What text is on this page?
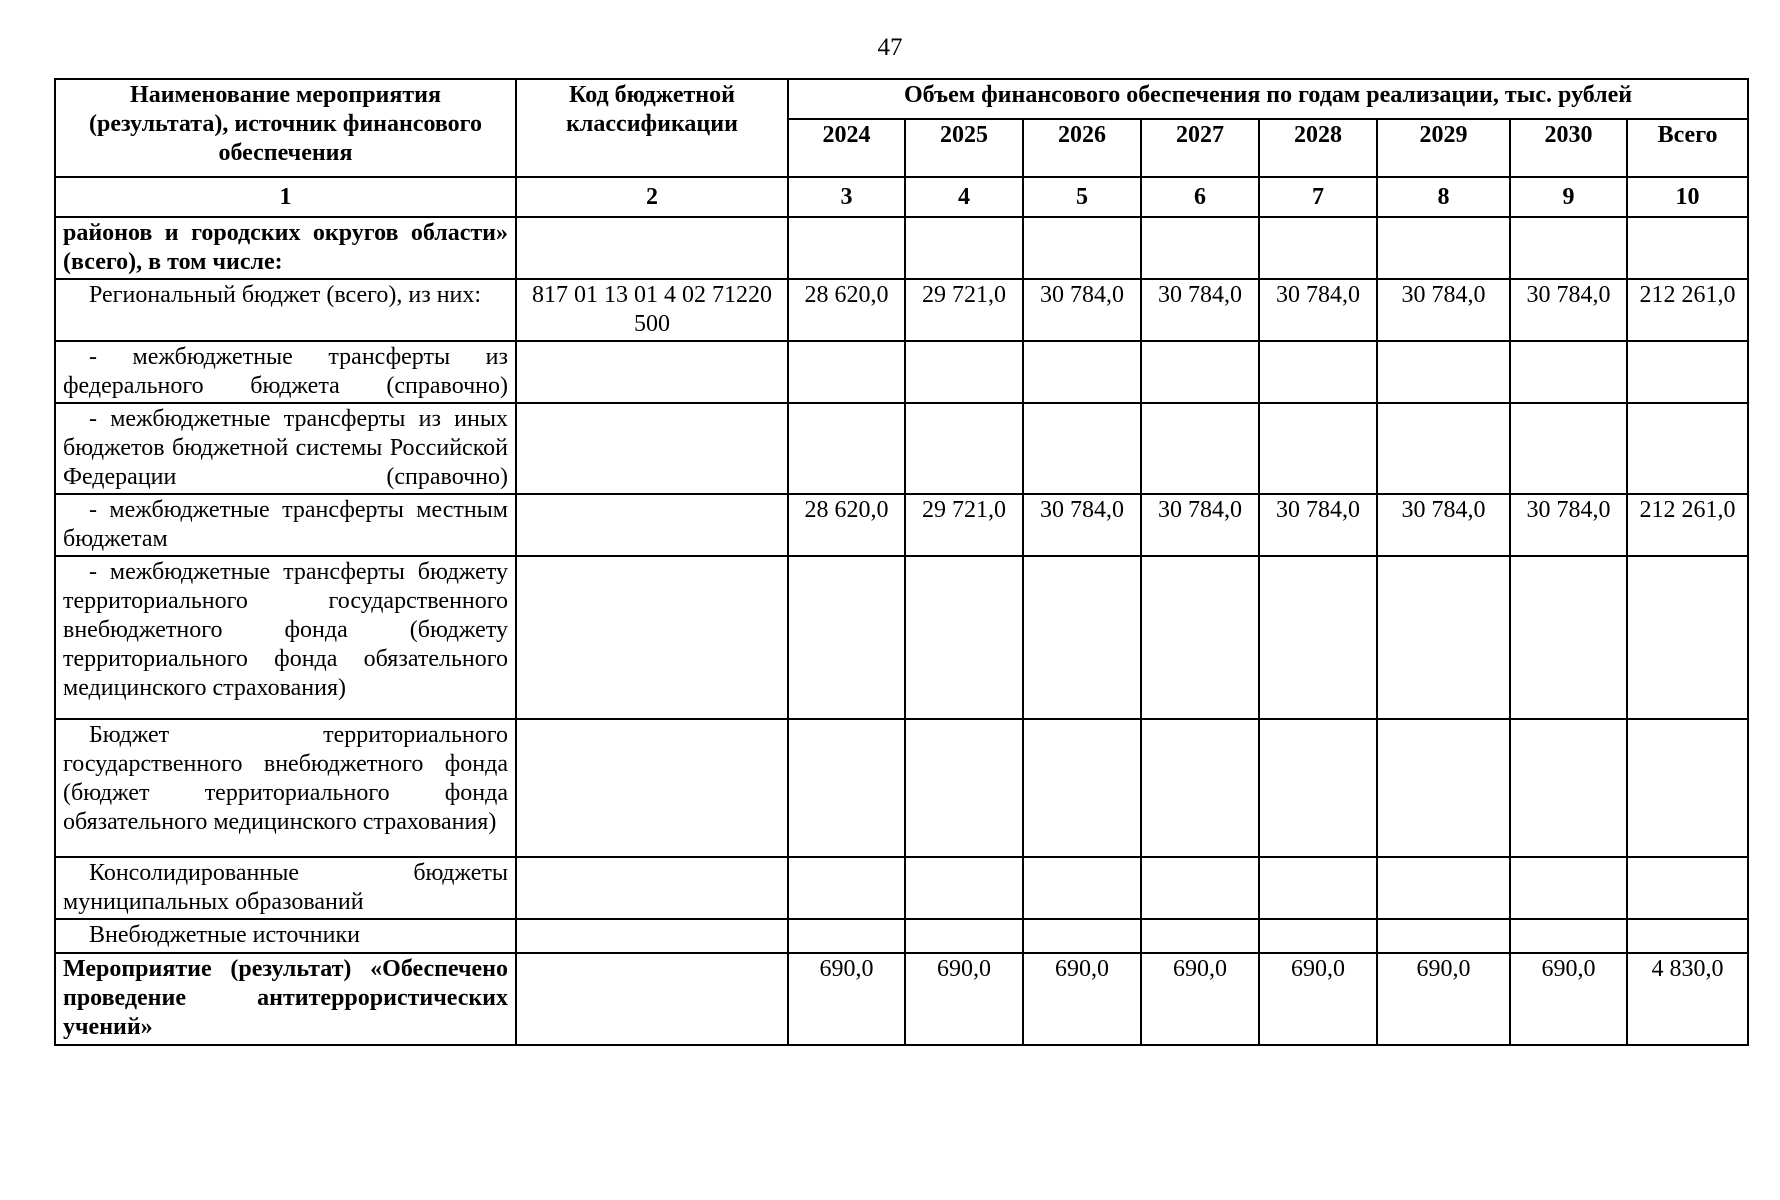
47
Наименование мероприятия (результата), источник финансового обеспечения	Код бюджетной классификации	Объем финансового обеспечения по годам реализации, тыс. рублей							
		2024	2025	2026	2027	2028	2029	2030	Всего
1	2	3	4	5	6	7	8	9	10
районов и городских округов области» (всего), в том числе:									
Региональный бюджет (всего), из них:	817 01 13 01 4 02 71220 500	28 620,0	29 721,0	30 784,0	30 784,0	30 784,0	30 784,0	30 784,0	212 261,0
- межбюджетные трансферты из федерального бюджета (справочно)									
- межбюджетные трансферты из иных бюджетов бюджетной системы Российской Федерации (справочно)									
- межбюджетные трансферты местным бюджетам		28 620,0	29 721,0	30 784,0	30 784,0	30 784,0	30 784,0	30 784,0	212 261,0
- межбюджетные трансферты бюджету территориального государственного внебюджетного фонда (бюджету территориального фонда обязательного медицинского страхования)									
Бюджет территориального государственного внебюджетного фонда (бюджет территориального фонда обязательного медицинского страхования)									
Консолидированные бюджеты муниципальных образований									
Внебюджетные источники									
Мероприятие (результат) «Обеспечено проведение антитеррористических учений»		690,0	690,0	690,0	690,0	690,0	690,0	690,0	4 830,0
